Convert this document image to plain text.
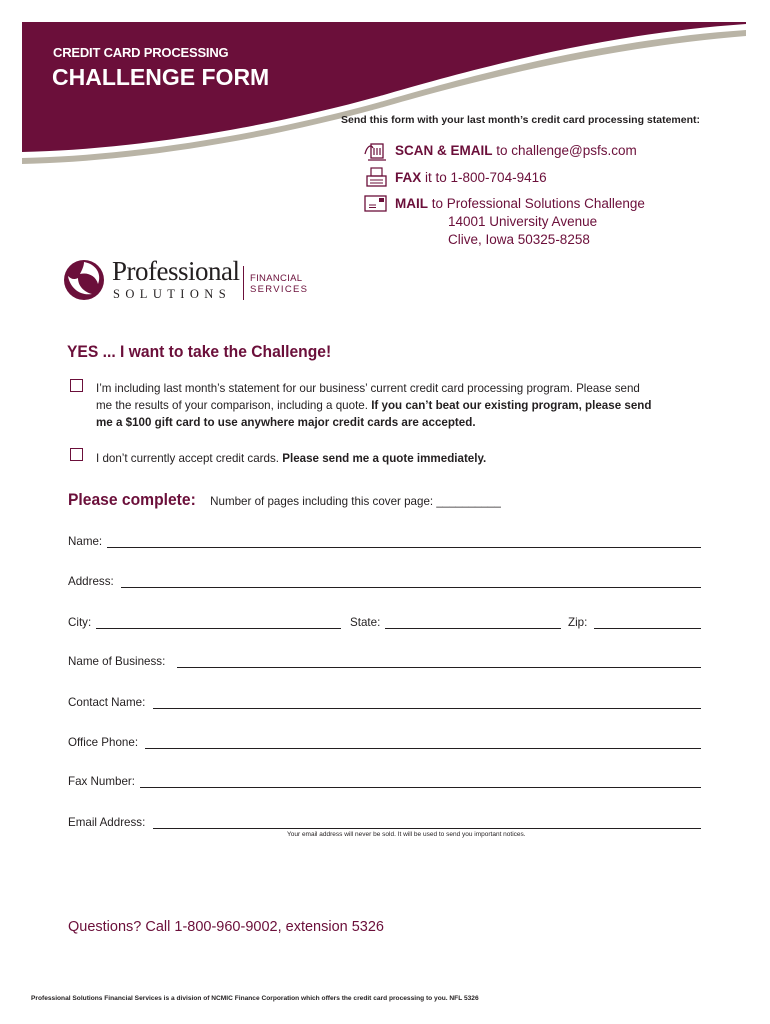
CREDIT CARD PROCESSING
CHALLENGE FORM
Send this form with your last month’s credit card processing statement:
SCAN & EMAIL to challenge@psfs.com
FAX it to 1-800-704-9416
MAIL to Professional Solutions Challenge
14001 University Avenue
Clive, Iowa 50325-8258
Professional
SOLUTIONS
FINANCIAL
SERVICES
YES ... I want to take the Challenge!
I’m including last month’s statement for our business’ current credit card processing program. Please send
me the results of your comparison, including a quote. If you can’t beat our existing program, please send
me a $100 gift card to use anywhere major credit cards are accepted.
I don’t currently accept credit cards. Please send me a quote immediately.
Please complete: Number of pages including this cover page: __________
Name:
Address:
City:	State:	Zip:
Name of Business:
Contact Name:
Office Phone:
Fax Number:
Email Address:
Your email address will never be sold. It will be used to send you important notices.
Questions? Call 1-800-960-9002, extension 5326
Professional Solutions Financial Services is a division of NCMIC Finance Corporation which offers the credit card processing to you. NFL 5326
